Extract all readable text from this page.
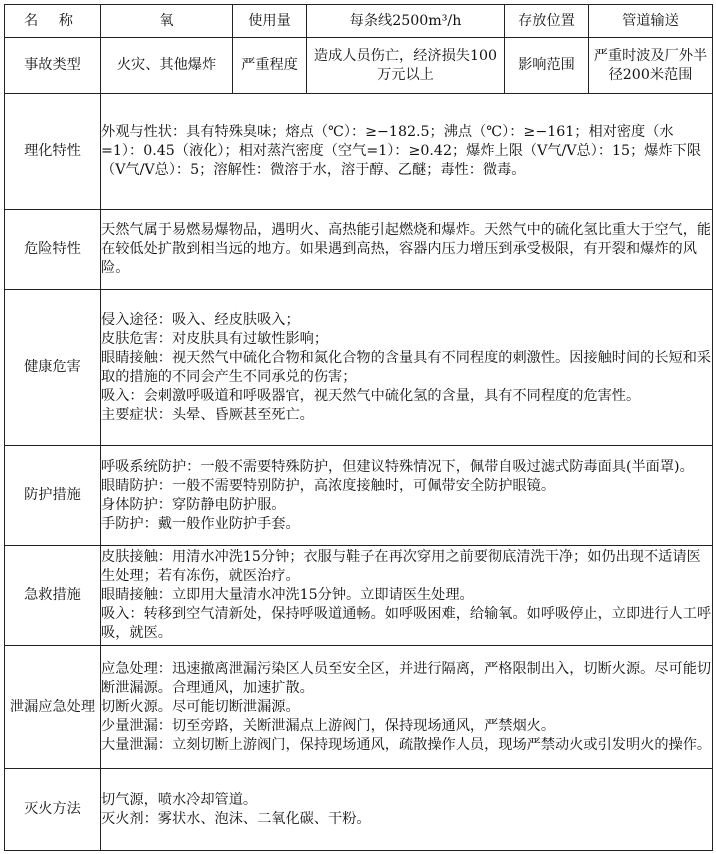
名 称	氧	使用量	每条线2500m³/h	存放位置	管道输送
事故类型	火灾、其他爆炸	严重程度	造成人员伤亡，经济损失100万元以上	影响范围	严重时波及厂外半径200米范围
理化特性	外观与性状：具有特殊臭味；熔点（℃）：≥−182.5；沸点（℃）：≥−161；相对密度（水 =1）：0.45（液化）；相对蒸汽密度（空气=1）：≥0.42；爆炸上限（V气/V总）：15；爆炸下限（V气/V总）：5；溶解性：微溶于水，溶于醇、乙醚；毒性：微毒。				

危险特性	天然气属于易燃易爆物品，遇明火、高热能引起燃烧和爆炸。天然气中的硫化氢比重大于空气，能在较低处扩散到相当远的地方。如果遇到高热，容器内压力增压到承受极限，有开裂和爆炸的风险。				

健康危害	侵入途径：吸入、经皮肤吸入；
皮肤危害：对皮肤具有过敏性影响；
眼睛接触：视天然气中硫化合物和氮化合物的含量具有不同程度的刺激性。因接触时间的长短和采取的措施的不同会产生不同承兑的伤害；
吸入：会刺激呼吸道和呼吸器官，视天然气中硫化氢的含量，具有不同程度的危害性。
主要症状：头晕、昏厥甚至死亡。				

防护措施	呼吸系统防护：一般不需要特殊防护，但建议特殊情况下，佩带自吸过滤式防毒面具(半面罩)。
眼睛防护：一般不需要特别防护，高浓度接触时，可佩带安全防护眼镜。
身体防护：穿防静电防护服。
手防护：戴一般作业防护手套。				

急救措施	皮肤接触：用清水冲洗15分钟；衣服与鞋子在再次穿用之前要彻底清洗干净；如仍出现不适请医生处理；若有冻伤，就医治疗。
眼睛接触：立即用大量清水冲洗15分钟。立即请医生处理。
吸入：转移到空气清新处，保持呼吸道通畅。如呼吸困难，给输氧。如呼吸停止，立即进行人工呼吸，就医。				

泄漏应急处理	应急处理：迅速撤离泄漏污染区人员至安全区，并进行隔离，严格限制出入，切断火源。尽可能切断泄漏源。合理通风，加速扩散。
切断火源。尽可能切断泄漏源。
少量泄漏：切至旁路，关断泄漏点上游阀门，保持现场通风，严禁烟火。
大量泄漏：立刻切断上游阀门，保持现场通风，疏散操作人员，现场严禁动火或引发明火的操作。				

灭火方法	切气源，喷水冷却管道。
灭火剂：雾状水、泡沫、二氧化碳、干粉。				
